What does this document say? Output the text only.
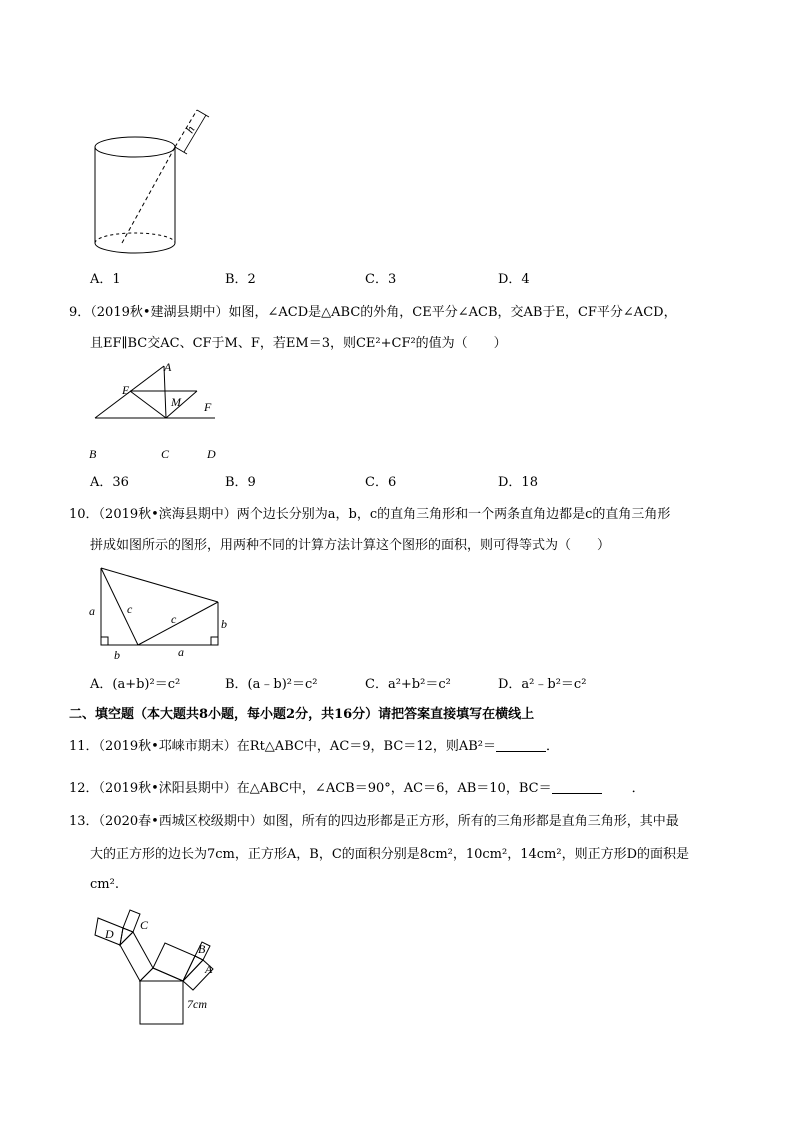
h
A．1	B．2	C．3	D．4
9．（2019秋•建湖县期中）如图，∠ACD是△ABC的外角，CE平分∠ACB，交AB于E，CF平分∠ACD，
且EF∥BC交AC、CF于M、F，若EM＝3，则CE²+CF²的值为（　　）
A
E
M F
B	C	D
A．36	B．9	C．6	D．18
10．（2019秋•滨海县期中）两个边长分别为a，b，c的直角三角形和一个两条直角边都是c的直角三角形
拼成如图所示的图形，用两种不同的计算方法计算这个图形的面积，则可得等式为（　　）
a	c
c	b
b	a
A．(a+b)²＝c²	B．(a﹣b)²＝c²	C．a²+b²＝c²	D．a²﹣b²＝c²
二、填空题（本大题共8小题，每小题2分，共16分）请把答案直接填写在横线上
11．（2019秋•邛崃市期末）在Rt△ABC中，AC＝9，BC＝12，则AB²＝	．
12．（2019秋•沭阳县期中）在△ABC中，∠ACB＝90°，AC＝6，AB＝10，BC＝	．
13．（2020春•西城区校级期中）如图，所有的四边形都是正方形，所有的三角形都是直角三角形，其中最
大的正方形的边长为7cm，正方形A，B，C的面积分别是8cm²，10cm²，14cm²，则正方形D的面积是
cm².
D
C
B
A
7cm
